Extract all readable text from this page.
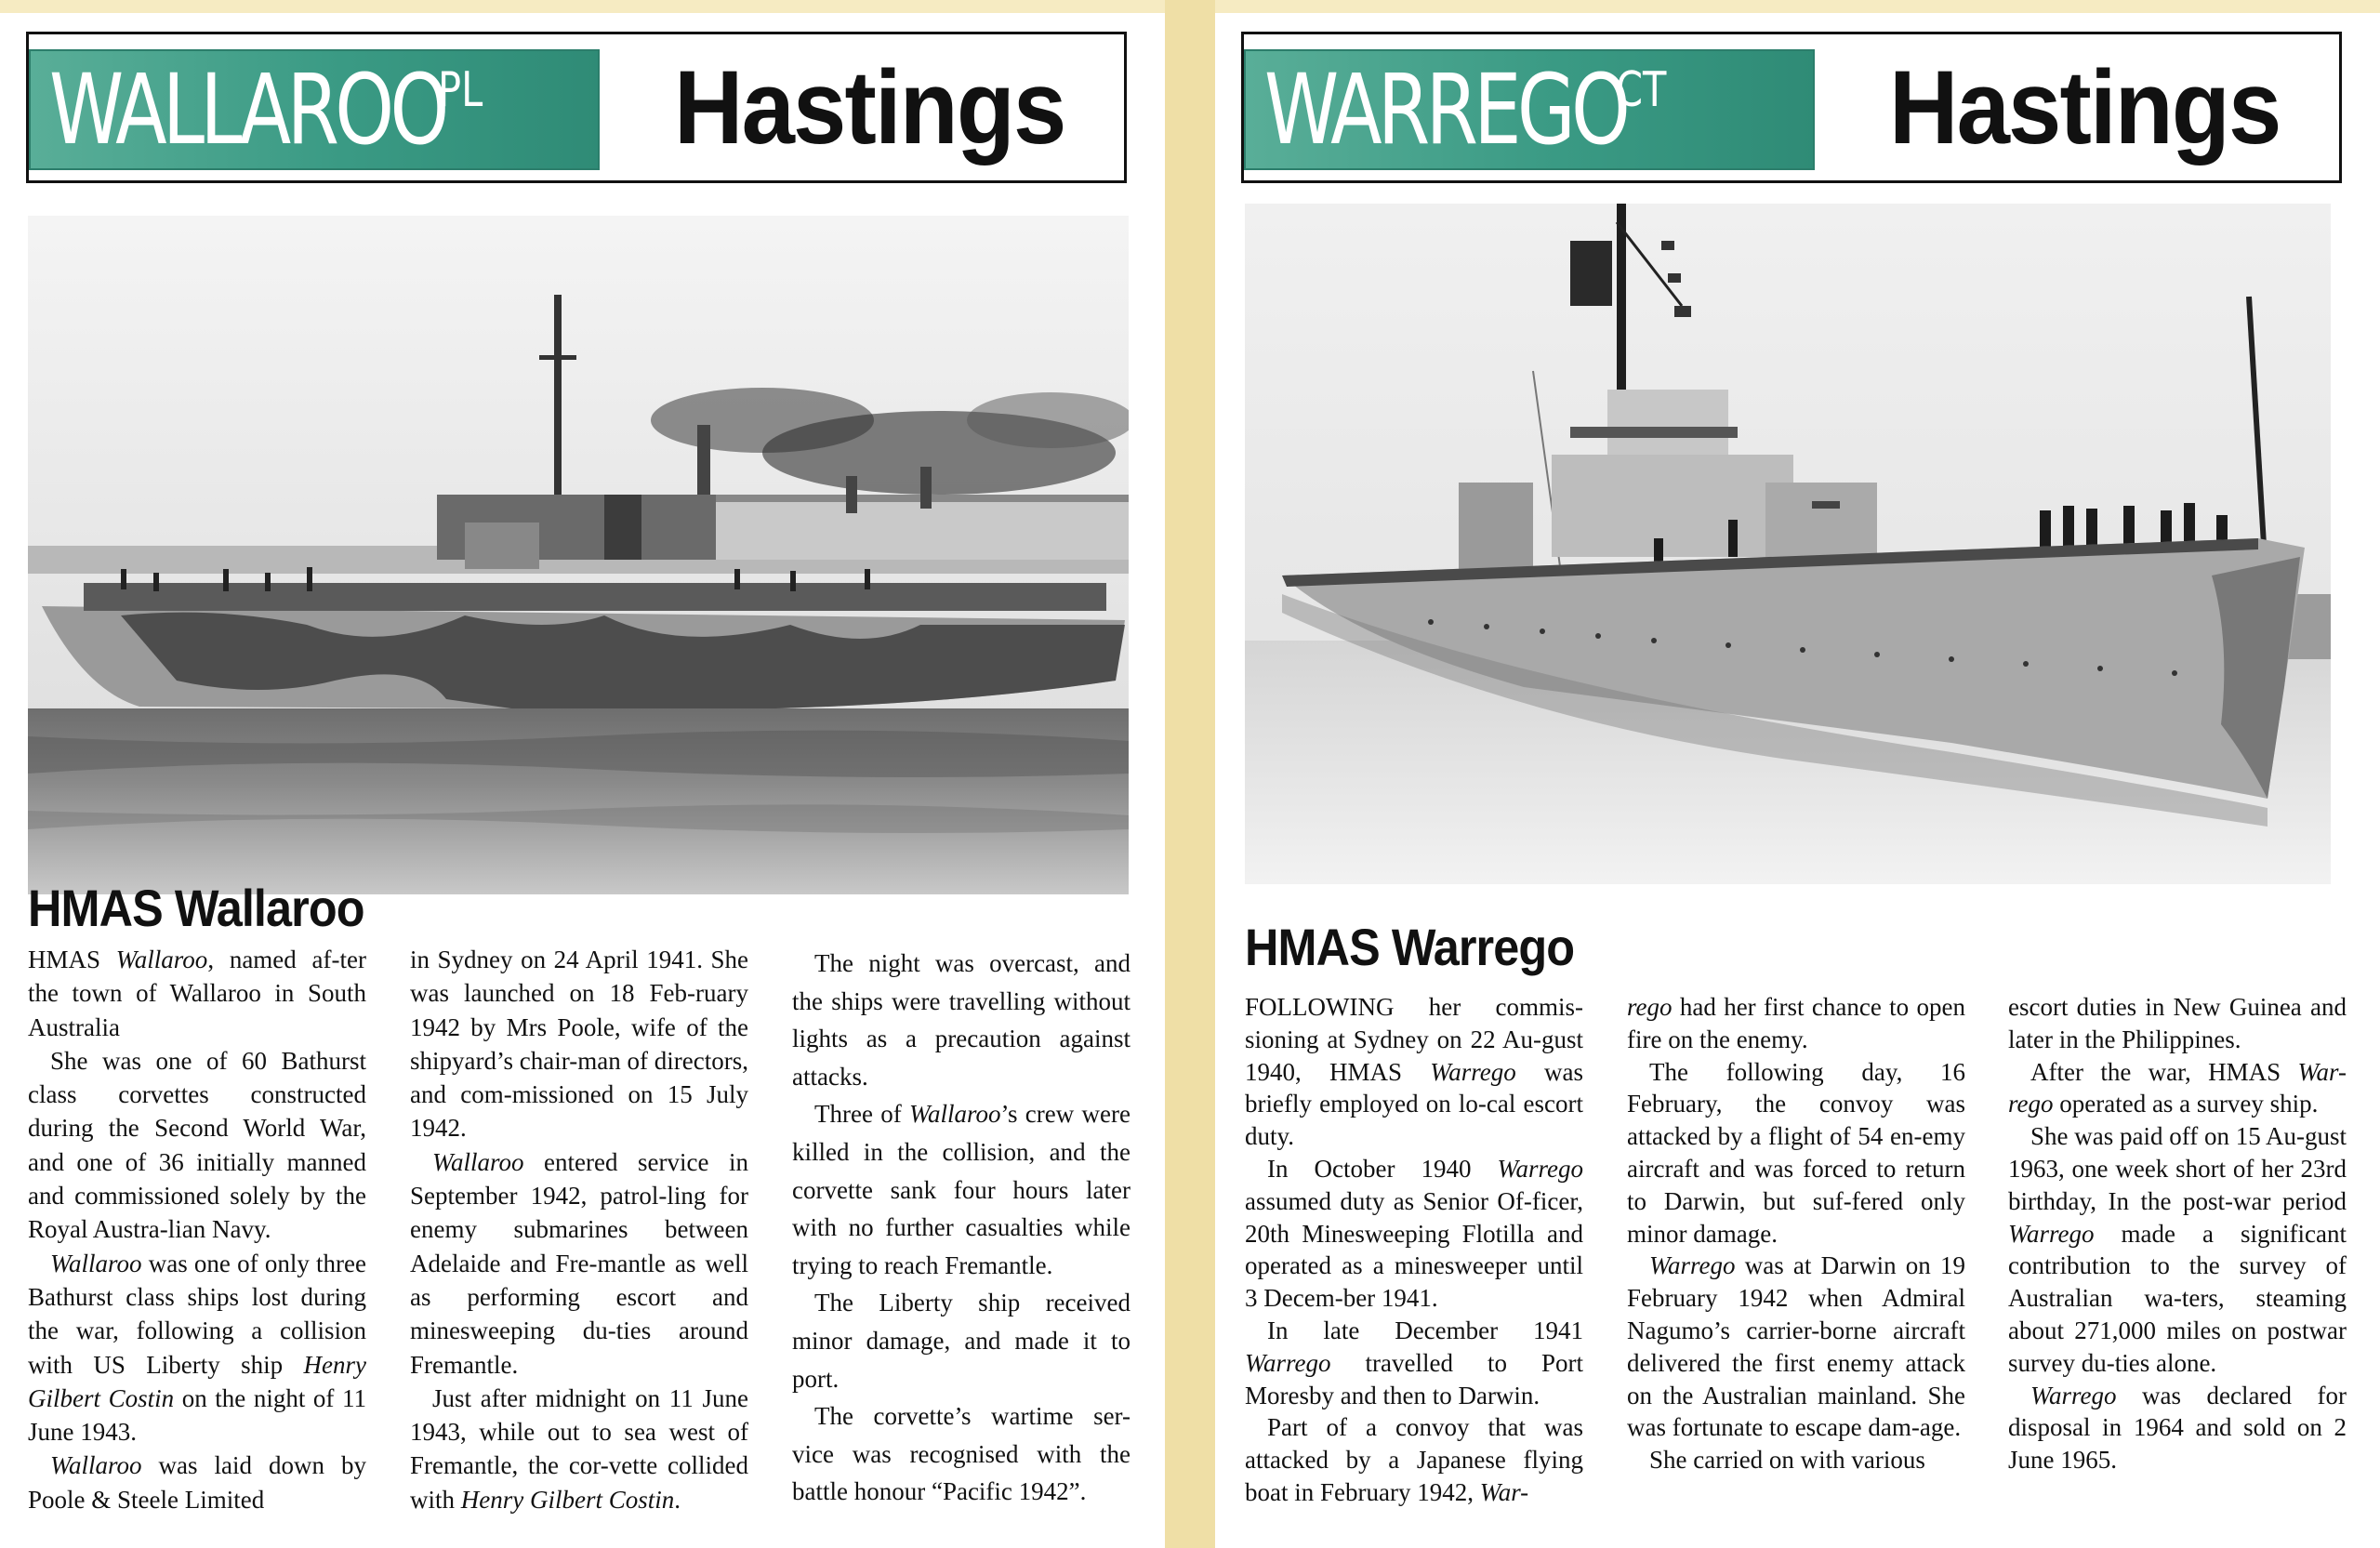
WALLAROO
PL Hastings
HMAS Wallaroo

HMAS Wallaroo, named af-ter the town of Wallaroo in South Australia

She was one of 60 Bathurst class corvettes constructed during the Second World War, and one of 36 initially manned and commissioned solely by the Royal Austra-lian Navy.

Wallaroo was one of only three Bathurst class ships lost during the war, following a collision with US Liberty ship Henry Gilbert Costin on the night of 11 June 1943.

Wallaroo was laid down by Poole & Steele Limited

in Sydney on 24 April 1941. She was launched on 18 Feb-ruary 1942 by Mrs Poole, wife of the shipyard’s chair-man of directors, and com-missioned on 15 July 1942.

Wallaroo entered service in September 1942, patrol-ling for enemy submarines between Adelaide and Fre-mantle as well as performing escort and minesweeping du-ties around Fremantle.

Just after midnight on 11 June 1943, while out to sea west of Fremantle, the cor-vette collided with Henry Gilbert Costin.

The night was overcast, and the ships were travelling without lights as a precaution against attacks.

Three of Wallaroo’s crew were killed in the collision, and the corvette sank four hours later with no further casualties while trying to reach Fremantle.

The Liberty ship received minor damage, and made it to port.

The corvette’s wartime ser-vice was recognised with the battle honour “Pacific 1942”.

WARREGO
CT Hastings
HMAS Warrego

FOLLOWING her commis-sioning at Sydney on 22 Au-gust 1940, HMAS Warrego was briefly employed on lo-cal escort duty.

In October 1940 Warrego assumed duty as Senior Of-ficer, 20th Minesweeping Flotilla and operated as a minesweeper until 3 Decem-ber 1941.

In late December 1941 Warrego travelled to Port Moresby and then to Darwin.

Part of a convoy that was attacked by a Japanese flying boat in February 1942, War-

rego had her first chance to open fire on the enemy.

The following day, 16 February, the convoy was attacked by a flight of 54 en-emy aircraft and was forced to return to Darwin, but suf-fered only minor damage.

Warrego was at Darwin on 19 February 1942 when Admiral Nagumo’s carrier-borne aircraft delivered the first enemy attack on the Australian mainland. She was fortunate to escape dam-age.

She carried on with various

escort duties in New Guinea and later in the Philippines.

After the war, HMAS War-rego operated as a survey ship.

She was paid off on 15 Au-gust 1963, one week short of her 23rd birthday, In the post-war period Warrego made a significant contribution to the survey of Australian wa-ters, steaming about 271,000 miles on postwar survey du-ties alone.

Warrego was declared for disposal in 1964 and sold on 2 June 1965.
